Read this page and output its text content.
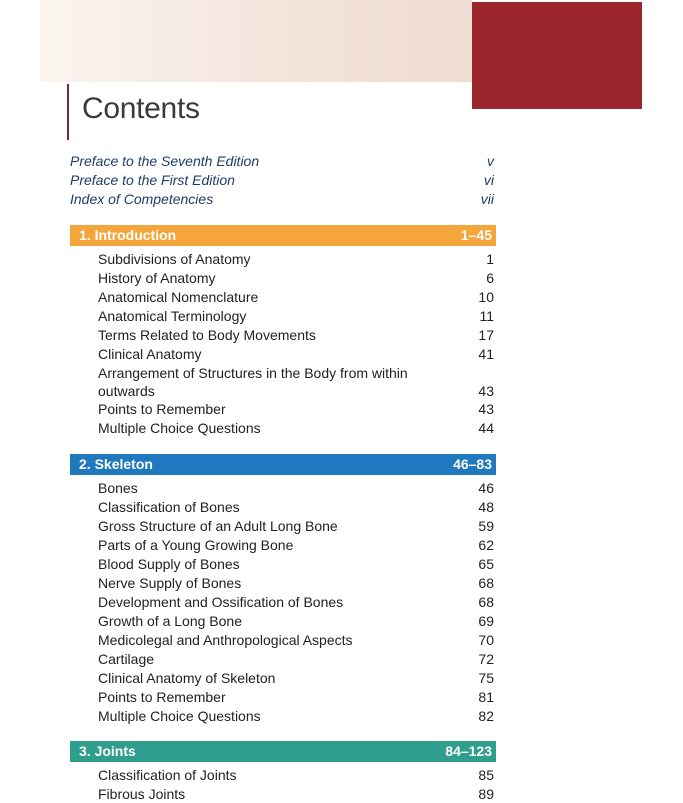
Contents
Preface to the Seventh Edition	v
Preface to the First Edition	vi
Index of Competencies	vii
1. Introduction	1–45
Subdivisions of Anatomy	1
History of Anatomy	6
Anatomical Nomenclature	10
Anatomical Terminology	11
Terms Related to Body Movements	17
Clinical Anatomy	41
Arrangement of Structures in the Body from within outwards	43
Points to Remember	43
Multiple Choice Questions	44
2. Skeleton	46–83
Bones	46
Classification of Bones	48
Gross Structure of an Adult Long Bone	59
Parts of a Young Growing Bone	62
Blood Supply of Bones	65
Nerve Supply of Bones	68
Development and Ossification of Bones	68
Growth of a Long Bone	69
Medicolegal and Anthropological Aspects	70
Cartilage	72
Clinical Anatomy of Skeleton	75
Points to Remember	81
Multiple Choice Questions	82
3. Joints	84–123
Classification of Joints	85
Fibrous Joints	89
